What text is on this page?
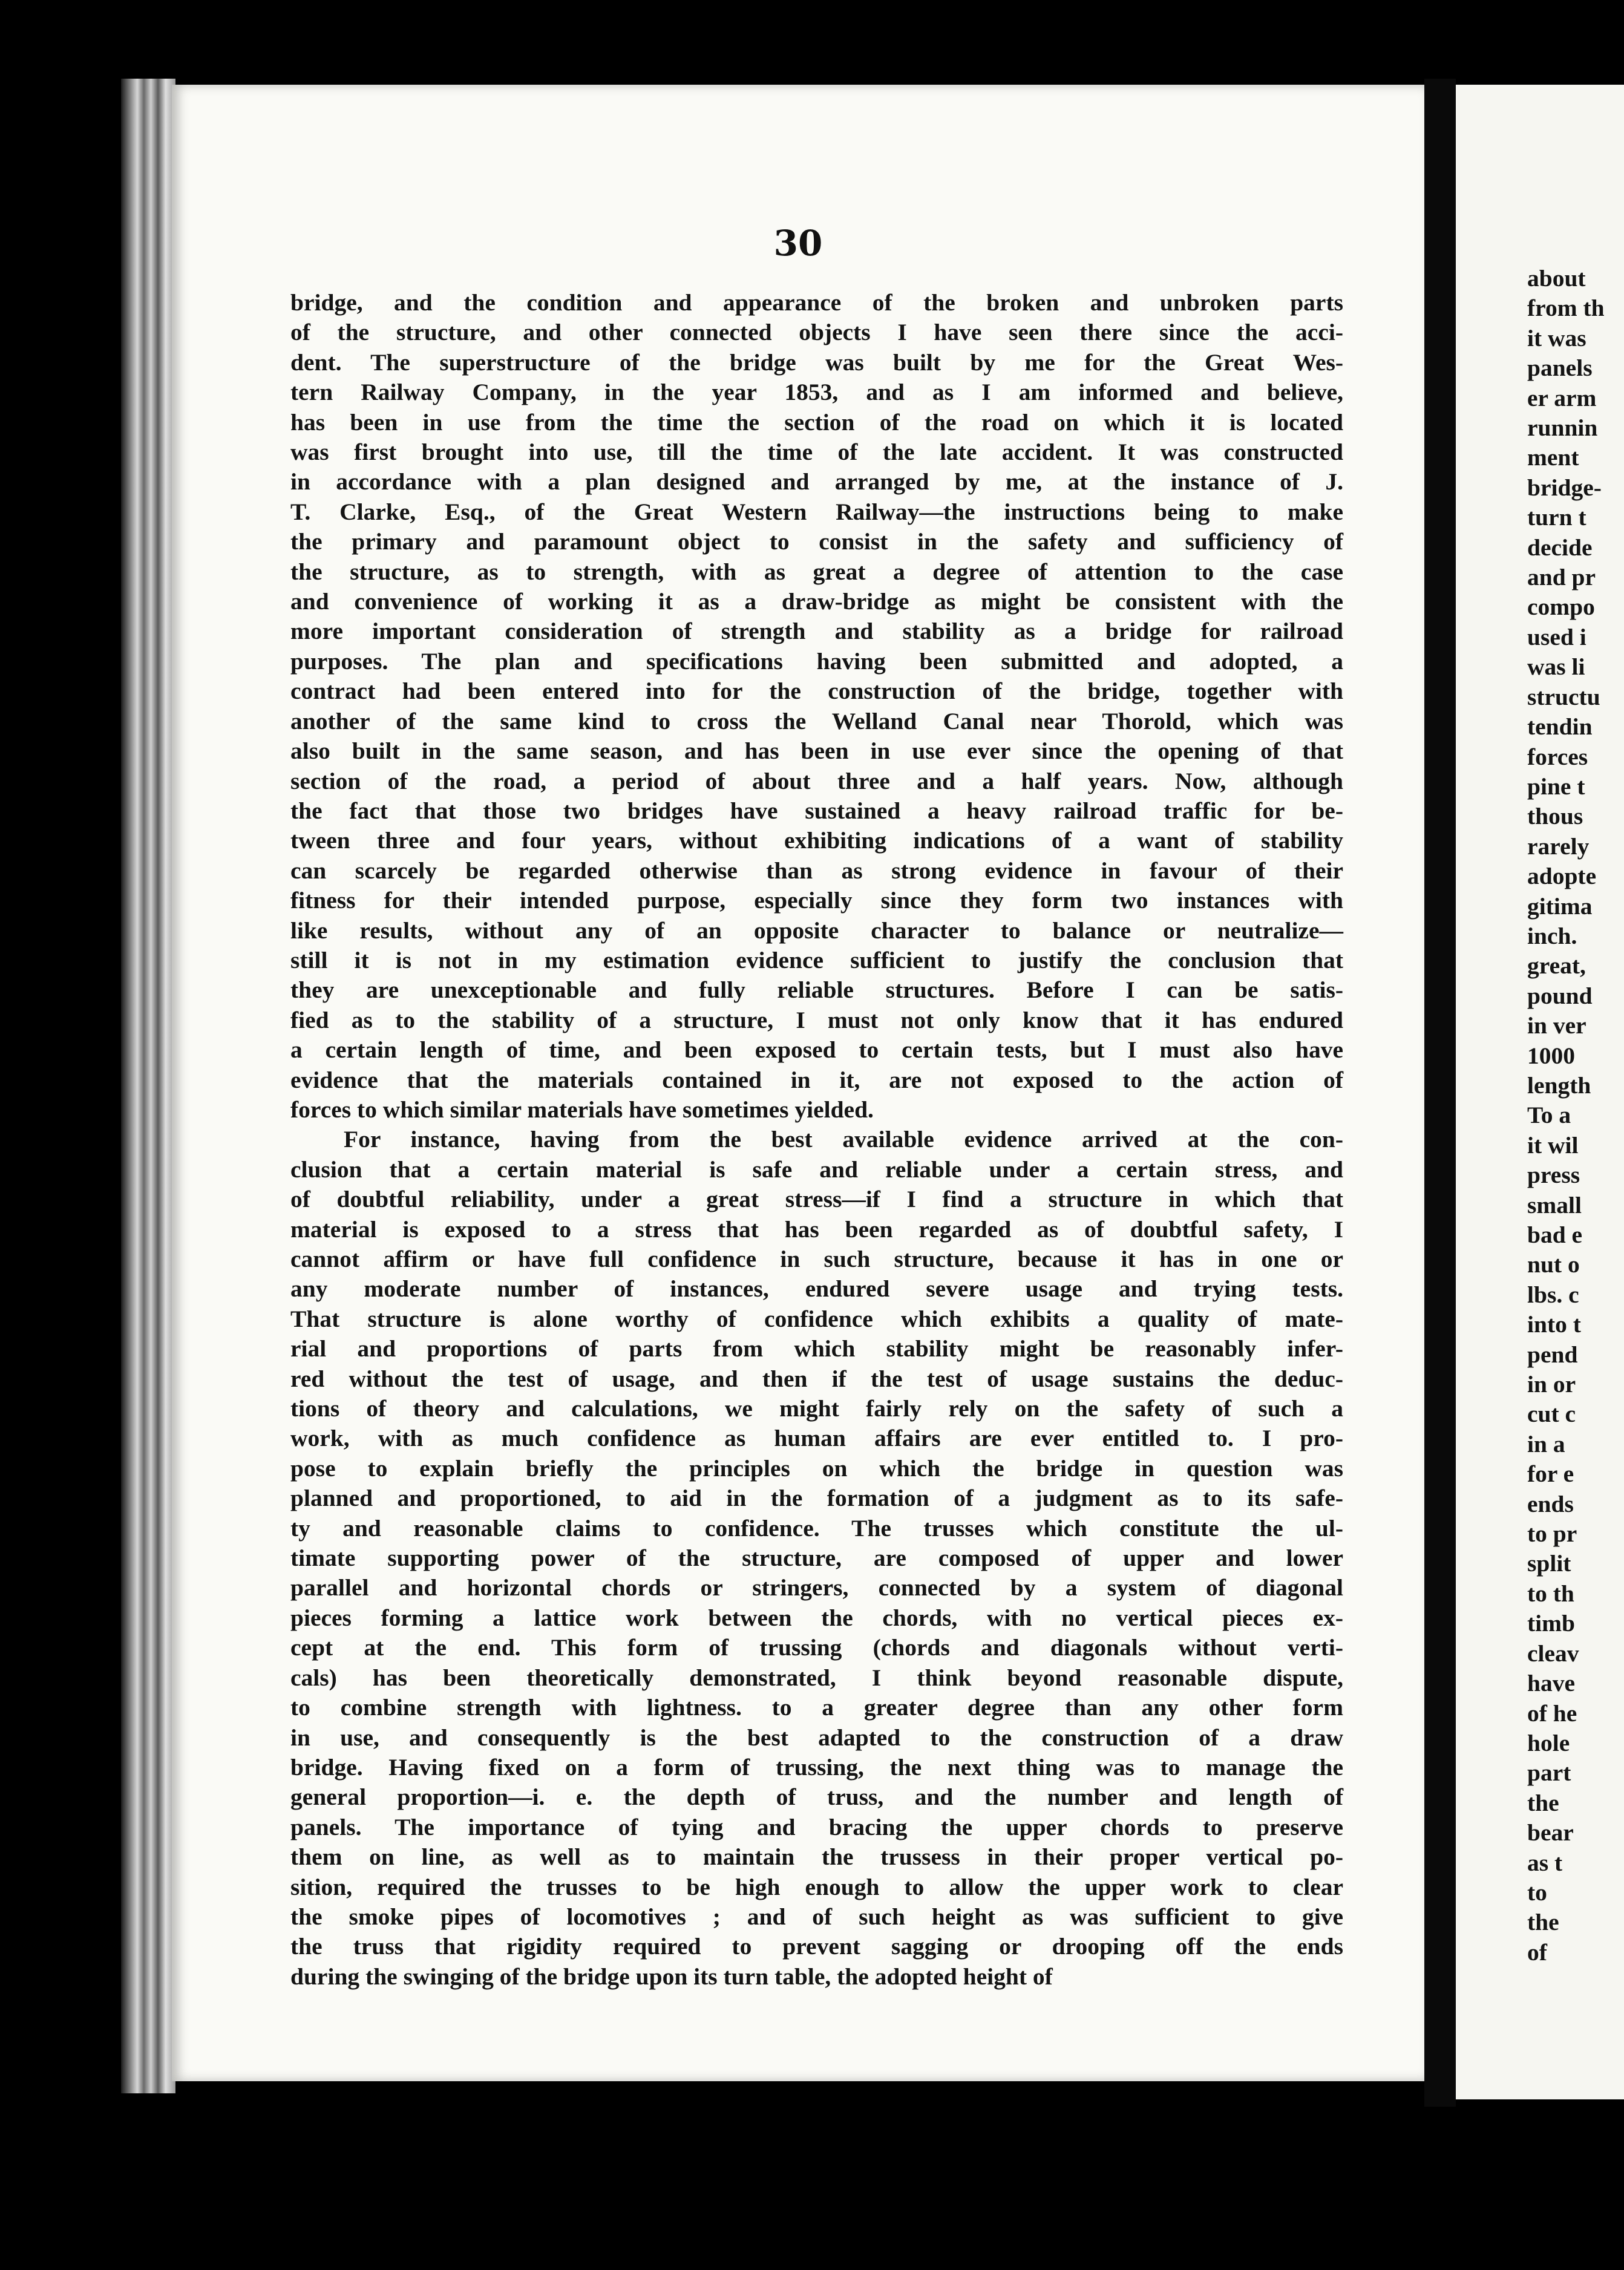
30
bridge, and the condition and appearance of the broken and unbroken parts
of the structure, and other connected objects I have seen there since the acci-
dent. The superstructure of the bridge was built by me for the Great Wes-
tern Railway Company, in the year 1853, and as I am informed and believe,
has been in use from the time the section of the road on which it is located
was first brought into use, till the time of the late accident. It was constructed
in accordance with a plan designed and arranged by me, at the instance of J.
T. Clarke, Esq., of the Great Western Railway—the instructions being to make
the primary and paramount object to consist in the safety and sufficiency of
the structure, as to strength, with as great a degree of attention to the case
and convenience of working it as a draw-bridge as might be consistent with the
more important consideration of strength and stability as a bridge for railroad
purposes. The plan and specifications having been submitted and adopted, a
contract had been entered into for the construction of the bridge, together with
another of the same kind to cross the Welland Canal near Thorold, which was
also built in the same season, and has been in use ever since the opening of that
section of the road, a period of about three and a half years. Now, although
the fact that those two bridges have sustained a heavy railroad traffic for be-
tween three and four years, without exhibiting indications of a want of stability
can scarcely be regarded otherwise than as strong evidence in favour of their
fitness for their intended purpose, especially since they form two instances with
like results, without any of an opposite character to balance or neutralize—
still it is not in my estimation evidence sufficient to justify the conclusion that
they are unexceptionable and fully reliable structures. Before I can be satis-
fied as to the stability of a structure, I must not only know that it has endured
a certain length of time, and been exposed to certain tests, but I must also have
evidence that the materials contained in it, are not exposed to the action of
forces to which similar materials have sometimes yielded.
For instance, having from the best available evidence arrived at the con-
clusion that a certain material is safe and reliable under a certain stress, and
of doubtful reliability, under a great stress—if I find a structure in which that
material is exposed to a stress that has been regarded as of doubtful safety, I
cannot affirm or have full confidence in such structure, because it has in one or
any moderate number of instances, endured severe usage and trying tests.
That structure is alone worthy of confidence which exhibits a quality of mate-
rial and proportions of parts from which stability might be reasonably infer-
red without the test of usage, and then if the test of usage sustains the deduc-
tions of theory and calculations, we might fairly rely on the safety of such a
work, with as much confidence as human affairs are ever entitled to. I pro-
pose to explain briefly the principles on which the bridge in question was
planned and proportioned, to aid in the formation of a judgment as to its safe-
ty and reasonable claims to confidence. The trusses which constitute the ul-
timate supporting power of the structure, are composed of upper and lower
parallel and horizontal chords or stringers, connected by a system of diagonal
pieces forming a lattice work between the chords, with no vertical pieces ex-
cept at the end. This form of trussing (chords and diagonals without verti-
cals) has been theoretically demonstrated, I think beyond reasonable dispute,
to combine strength with lightness. to a greater degree than any other form
in use, and consequently is the best adapted to the construction of a draw
bridge. Having fixed on a form of trussing, the next thing was to manage the
general proportion—i. e. the depth of truss, and the number and length of
panels. The importance of tying and bracing the upper chords to preserve
them on line, as well as to maintain the trussess in their proper vertical po-
sition, required the trusses to be high enough to allow the upper work to clear
the smoke pipes of locomotives ; and of such height as was sufficient to give
the truss that rigidity required to prevent sagging or drooping off the ends
during the swinging of the bridge upon its turn table, the adopted height of
about
from th
it was
panels
er arm
runnin
ment
bridge-
turn t
decide
and pr
compo
used i
was li
structu
tendin
forces
pine t
thous
rarely
adopte
gitima
inch.
great,
pound
in ver
1000
length
To a
it wil
press
small
bad e
nut o
lbs. c
into t
pend
in or
cut c
in a
for e
ends
to pr
split
to th
timb
cleav
have
of he
hole
part
the
bear
as t
to
the
of
